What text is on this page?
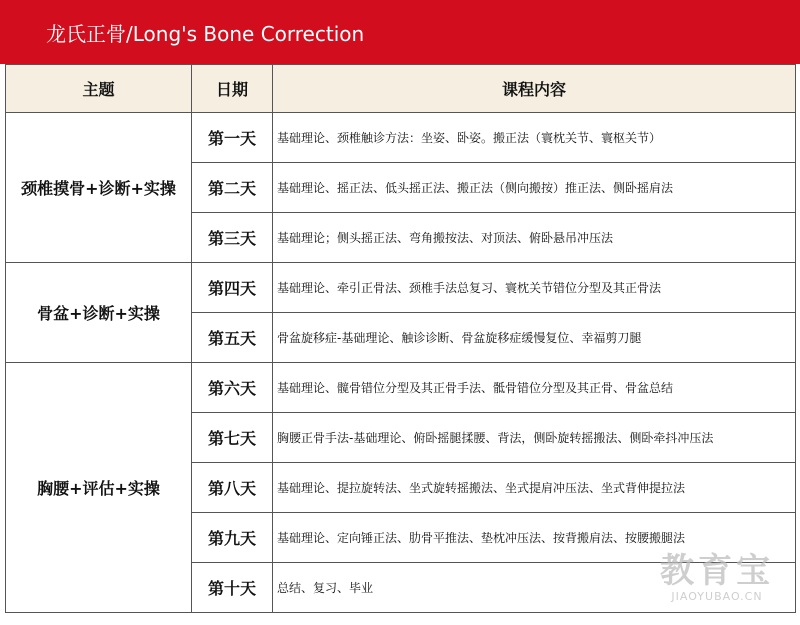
龙氏正骨/Long's Bone Correction
主题	日期	课程内容
颈椎摸骨+诊断+实操	第一天	基础理论、颈椎触诊方法：坐姿、卧姿。搬正法（寰枕关节、寰枢关节）
	第二天	基础理论、摇正法、低头摇正法、搬正法（侧向搬按）推正法、侧卧摇肩法
	第三天	基础理论；侧头摇正法、弯角搬按法、对顶法、俯卧悬吊冲压法
骨盆+诊断+实操	第四天	基础理论、牵引正骨法、颈椎手法总复习、寰枕关节错位分型及其正骨法
	第五天	骨盆旋移症-基础理论、触诊诊断、骨盆旋移症缓慢复位、幸福剪刀腿
胸腰+评估+实操	第六天	基础理论、髋骨错位分型及其正骨手法、骶骨错位分型及其正骨、骨盆总结
	第七天	胸腰正骨手法-基础理论、俯卧摇腿揉腰、背法，侧卧旋转摇搬法、侧卧牵抖冲压法
	第八天	基础理论、提拉旋转法、坐式旋转摇搬法、坐式提肩冲压法、坐式背伸提拉法
	第九天	基础理论、定向锤正法、肋骨平推法、垫枕冲压法、按背搬肩法、按腰搬腿法
	第十天	总结、复习、毕业	教育宝
JIAOYUBAO.CN
